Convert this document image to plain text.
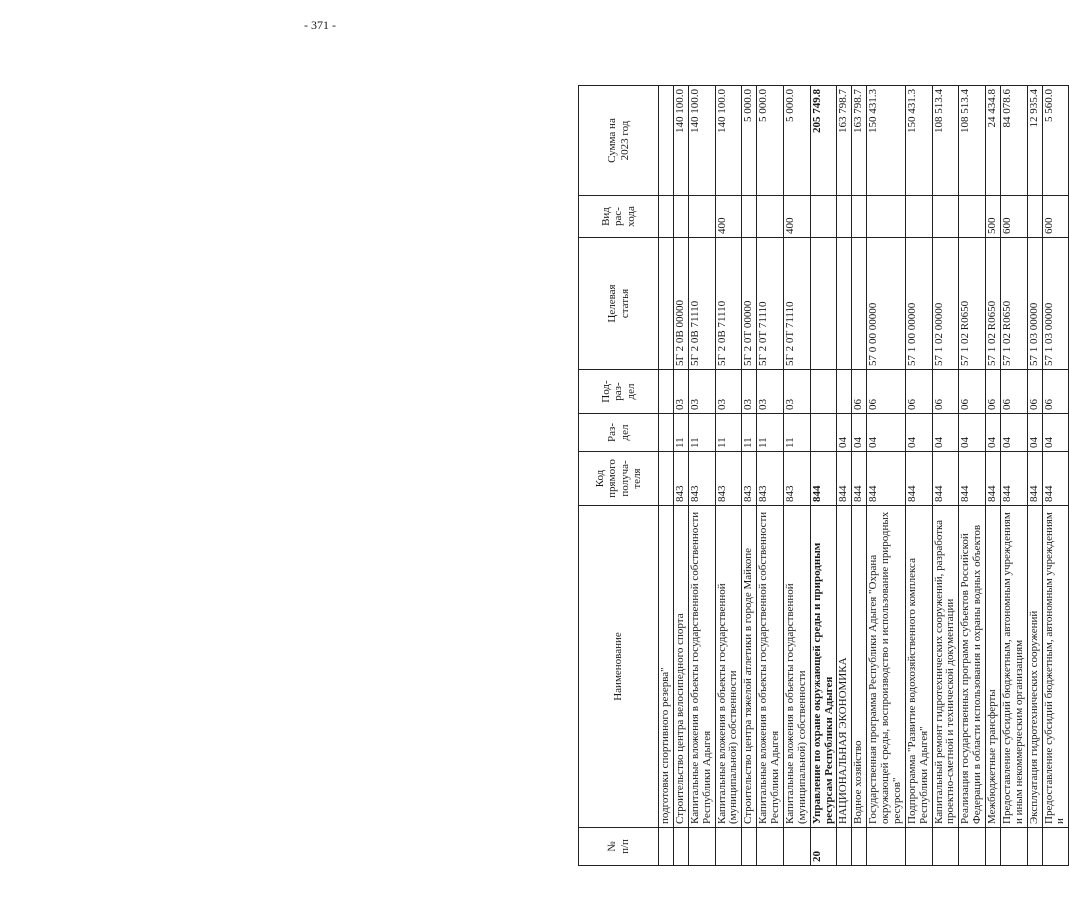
- 371 -
№
п/п	Наименование	Код
прямого
получа-
теля	Раз-
дел	Под-
раз-
дел	Целевая
статья	Вид
рас-
хода	Сумма на
2023 год
	подготовки спортивного резерва"						
	Строительство центра велосипедного спорта	843	11	03	5Г 2 0В 00000		140 100.0
	Капитальные вложения в объекты государственной собственности Республики Адыгея	843	11	03	5Г 2 0В 71110		140 100.0
	Капитальные вложения в объекты государственной (муниципальной) собственности	843	11	03	5Г 2 0В 71110	400	140 100.0
	Строительство центра тяжелой атлетики в городе Майкопе	843	11	03	5Г 2 0Т 00000		5 000.0
	Капитальные вложения в объекты государственной собственности Республики Адыгея	843	11	03	5Г 2 0Т 71110		5 000.0
	Капитальные вложения в объекты государственной (муниципальной) собственности	843	11	03	5Г 2 0Т 71110	400	5 000.0
20	Управление по охране окружающей среды и природным ресурсам Республики Адыгея	844					205 749.8
	НАЦИОНАЛЬНАЯ ЭКОНОМИКА	844	04				163 798.7
	Водное хозяйство	844	04	06			163 798.7
	Государственная программа Республики Адыгея "Охрана окружающей среды, воспроизводство и использование природных ресурсов"	844	04	06	57 0 00 00000		150 431.3
	Подпрограмма "Развитие водохозяйственного комплекса Республики Адыгея"	844	04	06	57 1 00 00000		150 431.3
	Капитальный ремонт гидротехнических сооружений, разработка проектно-сметной и технической документации	844	04	06	57 1 02 00000		108 513.4
	Реализация государственных программ субъектов Российской Федерации в области использования и охраны водных объектов	844	04	06	57 1 02 R0650		108 513.4
	Межбюджетные трансферты	844	04	06	57 1 02 R0650	500	24 434.8
	Предоставление субсидий бюджетным, автономным учреждениям и иным некоммерческим организациям	844	04	06	57 1 02 R0650	600	84 078.6
	Эксплуатация гидротехнических сооружений	844	04	06	57 1 03 00000		12 935.4
	Предоставление субсидий бюджетным, автономным учреждениям и	844	04	06	57 1 03 00000	600	5 560.0
